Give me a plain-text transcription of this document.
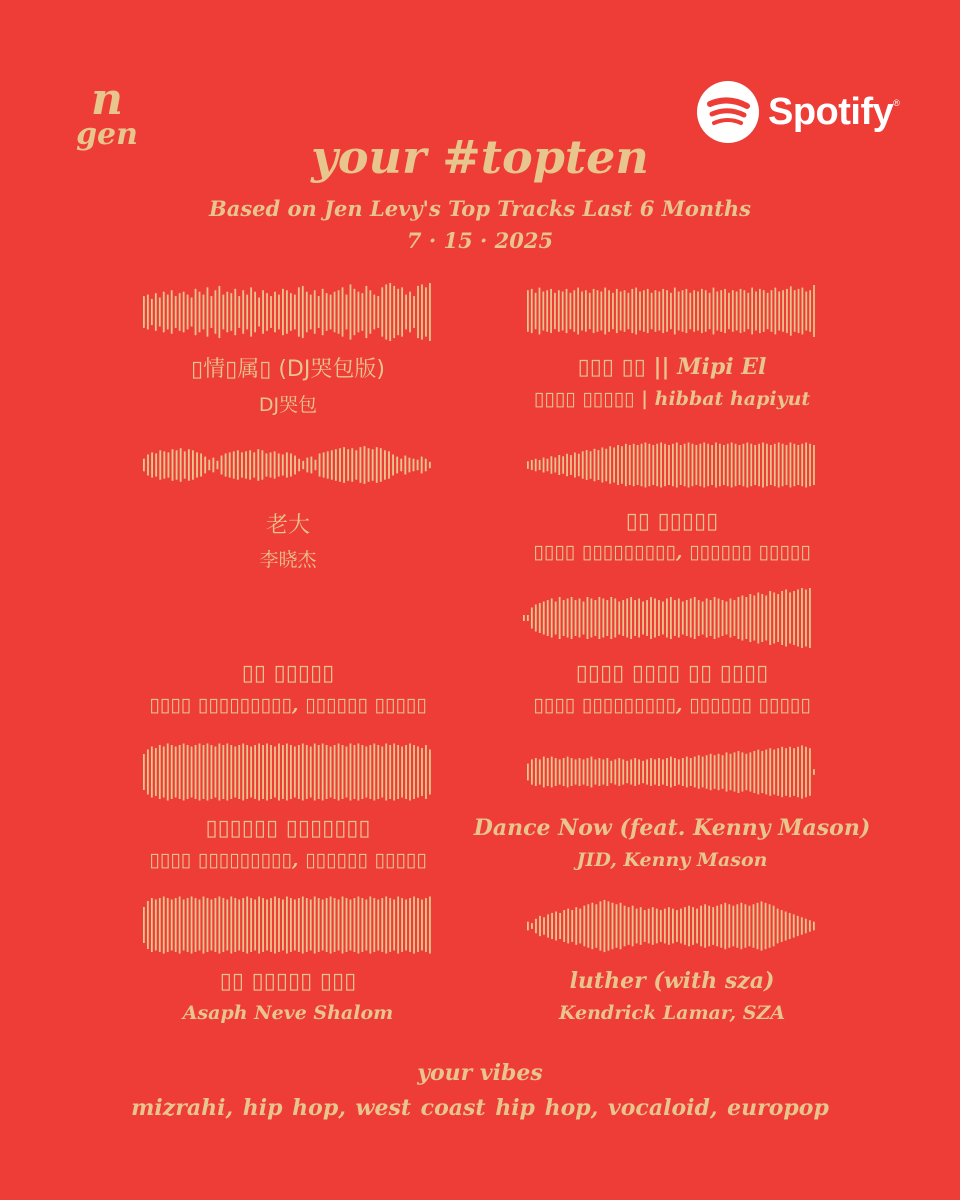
n
gen
Spotify ®
your #topten
Based on Jen Levy's Top Tracks Last 6 Months
7 · 15 · 2025
▯情▯属▯ (DJ哭包版)
DJ哭包
▯▯▯ ▯▯ || Mipi El
▯▯▯▯ ▯▯▯▯▯ | hibbat hapiyut
老大
李晓杰
▯▯ ▯▯▯▯▯
▯▯▯▯ ▯▯▯▯▯▯▯▯▯, ▯▯▯▯▯▯ ▯▯▯▯▯
▯▯ ▯▯▯▯▯
▯▯▯▯ ▯▯▯▯▯▯▯▯▯, ▯▯▯▯▯▯ ▯▯▯▯▯
▯▯▯▯ ▯▯▯▯ ▯▯ ▯▯▯▯
▯▯▯▯ ▯▯▯▯▯▯▯▯▯, ▯▯▯▯▯▯ ▯▯▯▯▯
▯▯▯▯▯▯ ▯▯▯▯▯▯▯
▯▯▯▯ ▯▯▯▯▯▯▯▯▯, ▯▯▯▯▯▯ ▯▯▯▯▯
Dance Now (feat. Kenny Mason)
JID, Kenny Mason
▯▯ ▯▯▯▯▯ ▯▯▯
Asaph Neve Shalom
luther (with sza)
Kendrick Lamar, SZA
your vibes
mizrahi, hip hop, west coast hip hop, vocaloid, europop
